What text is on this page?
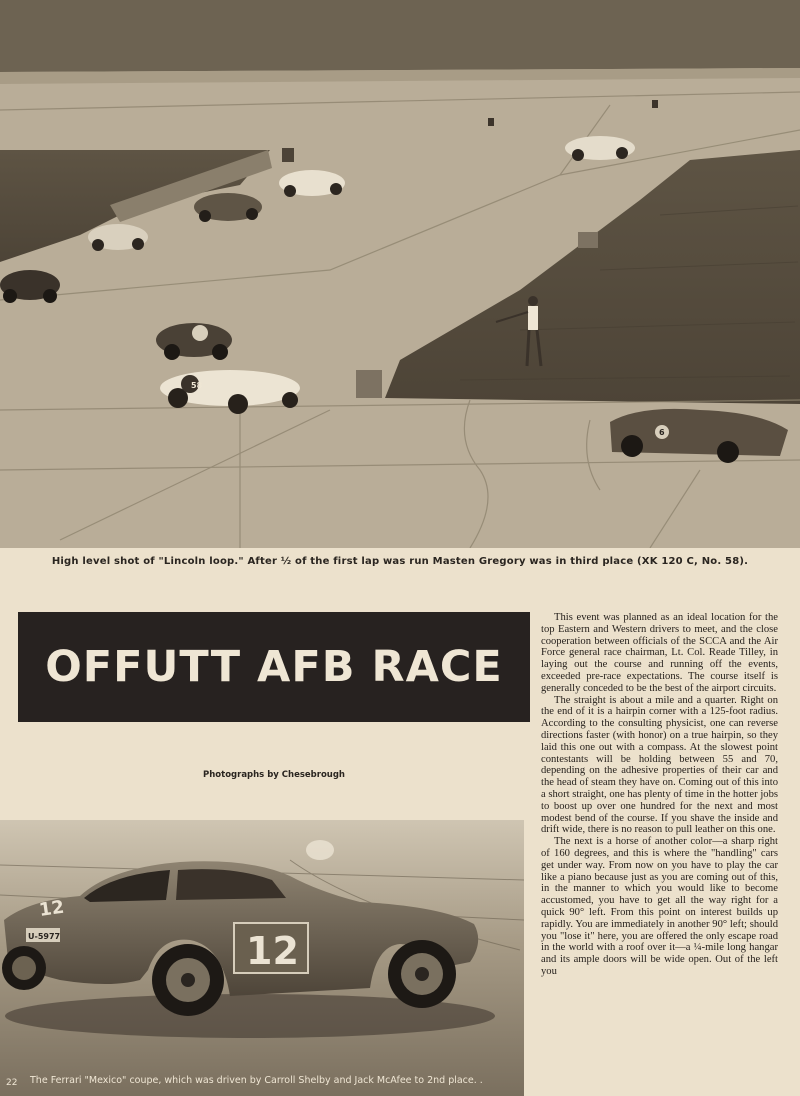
58
6
High level shot of "Lincoln loop." After ½ of the first lap was run Masten Gregory was in third place (XK 120 C, No. 58).
OFFUTT AFB RACE
Photographs by Chesebrough
12
12
U-5977
The Ferrari "Mexico" coupe, which was driven by Carroll Shelby and Jack McAfee to 2nd place. .
22

This event was planned as an ideal location for the top Eastern and Western drivers to meet, and the close cooperation between officials of the SCCA and the Air Force general race chairman, Lt. Col. Reade Tilley, in laying out the course and running off the events, exceeded pre-race expectations. The course itself is generally conceded to be the best of the airport circuits.

The straight is about a mile and a quarter. Right on the end of it is a hairpin corner with a 125-foot radius. According to the consulting physicist, one can reverse directions faster (with honor) on a true hairpin, so they laid this one out with a compass. At the slowest point contestants will be holding between 55 and 70, depending on the adhesive properties of their car and the head of steam they have on. Coming out of this into a short straight, one has plenty of time in the hotter jobs to boost up over one hundred for the next and most modest bend of the course. If you shave the inside and drift wide, there is no reason to pull leather on this one.

The next is a horse of another color—a sharp right of 160 degrees, and this is where the "handling" cars get under way. From now on you have to play the car like a piano because just as you are coming out of this, in the manner to which you would like to become accustomed, you have to get all the way right for a quick 90° left. From this point on interest builds up rapidly. You are immediately in another 90° left; should you "lose it" here, you are offered the only escape road in the world with a roof over it—a ¼-mile long hangar and its ample doors will be wide open. Out of the left you
